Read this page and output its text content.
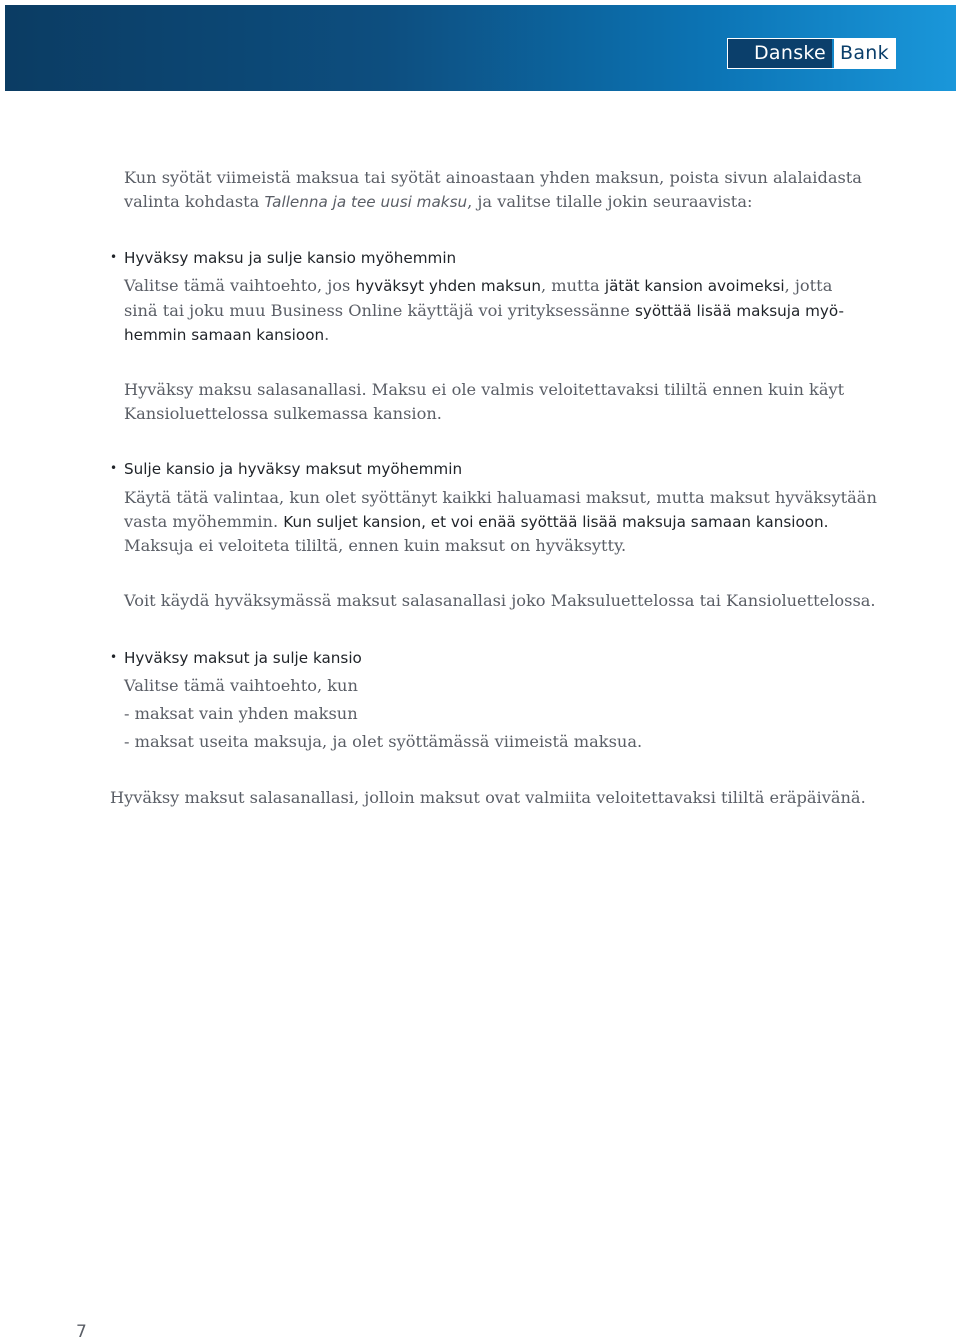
Danske Bank

Kun syötät viimeistä maksua tai syötät ainoastaan yhden maksun, poista sivun alalaidasta
valinta kohdasta Tallenna ja tee uusi maksu, ja valitse tilalle jokin seuraavista:

• Hyväksy maksu ja sulje kansio myöhemmin

Valitse tämä vaihtoehto, jos hyväksyt yhden maksun, mutta jätät kansion avoimeksi, jotta
sinä tai joku muu Business Online käyttäjä voi yrityksessänne syöttää lisää maksuja myö-
hemmin samaan kansioon.

Hyväksy maksu salasanallasi. Maksu ei ole valmis veloitettavaksi tililtä ennen kuin käyt
Kansioluettelossa sulkemassa kansion.

• Sulje kansio ja hyväksy maksut myöhemmin

Käytä tätä valintaa, kun olet syöttänyt kaikki haluamasi maksut, mutta maksut hyväksytään
vasta myöhemmin. Kun suljet kansion, et voi enää syöttää lisää maksuja samaan kansioon.
Maksuja ei veloiteta tililtä, ennen kuin maksut on hyväksytty.

Voit käydä hyväksymässä maksut salasanallasi joko Maksuluettelossa tai Kansioluettelossa.

• Hyväksy maksut ja sulje kansio

Valitse tämä vaihtoehto, kun

- maksat vain yhden maksun

- maksat useita maksuja, ja olet syöttämässä viimeistä maksua.

Hyväksy maksut salasanallasi, jolloin maksut ovat valmiita veloitettavaksi tililtä eräpäivänä.

7
